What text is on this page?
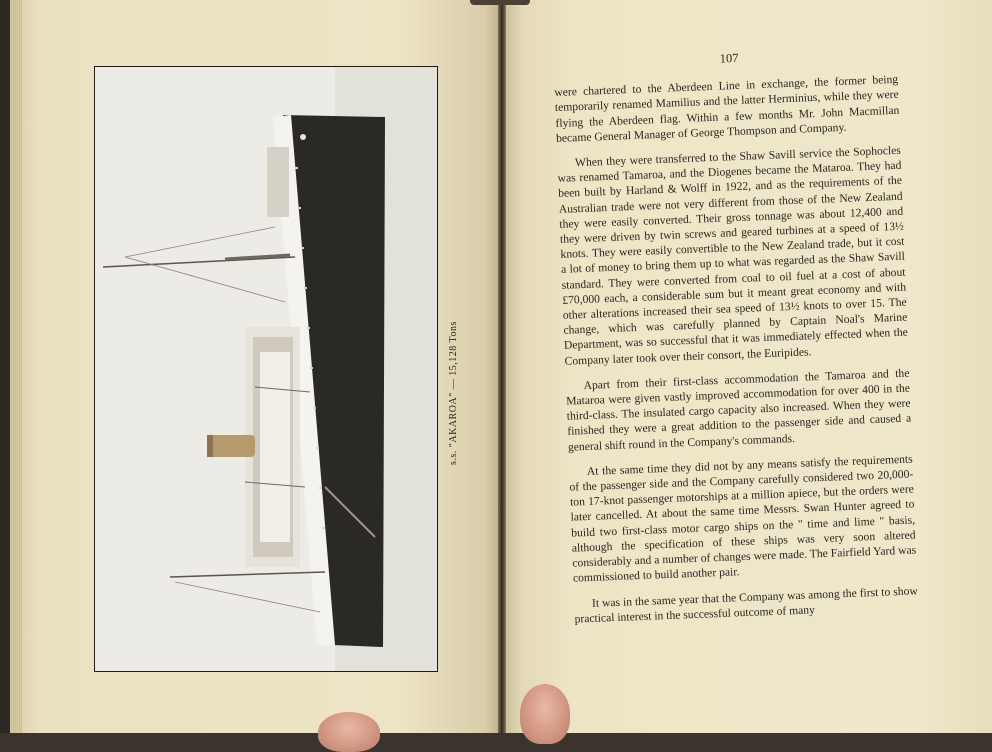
s.s. "AKAROA" — 15,128 Tons
107

were chartered to the Aberdeen Line in exchange, the former being temporarily renamed Mamilius and the latter Herminius, while they were flying the Aberdeen flag. Within a few months Mr. John Macmillan became General Manager of George Thompson and Company.

When they were transferred to the Shaw Savill service the Sophocles was renamed Tamaroa, and the Diogenes became the Mataroa. They had been built by Harland & Wolff in 1922, and as the requirements of the Australian trade were not very different from those of the New Zealand they were easily converted. Their gross tonnage was about 12,400 and they were driven by twin screws and geared turbines at a speed of 13½ knots. They were easily convertible to the New Zealand trade, but it cost a lot of money to bring them up to what was regarded as the Shaw Savill standard. They were converted from coal to oil fuel at a cost of about £70,000 each, a considerable sum but it meant great economy and with other alterations increased their sea speed of 13½ knots to over 15. The change, which was carefully planned by Captain Noal's Marine Department, was so successful that it was immediately effected when the Company later took over their consort, the Euripides.

Apart from their first-class accommodation the Tamaroa and the Mataroa were given vastly improved accommodation for over 400 in the third-class. The insulated cargo capacity also increased. When they were finished they were a great addition to the passenger side and caused a general shift round in the Company's commands.

At the same time they did not by any means satisfy the requirements of the passenger side and the Company carefully considered two 20,000-ton 17-knot passenger motorships at a million apiece, but the orders were later cancelled. At about the same time Messrs. Swan Hunter agreed to build two first-class motor cargo ships on the " time and lime " basis, although the specification of these ships was very soon altered considerably and a number of changes were made. The Fairfield Yard was commissioned to build another pair.

It was in the same year that the Company was among the first to show practical interest in the successful outcome of many
